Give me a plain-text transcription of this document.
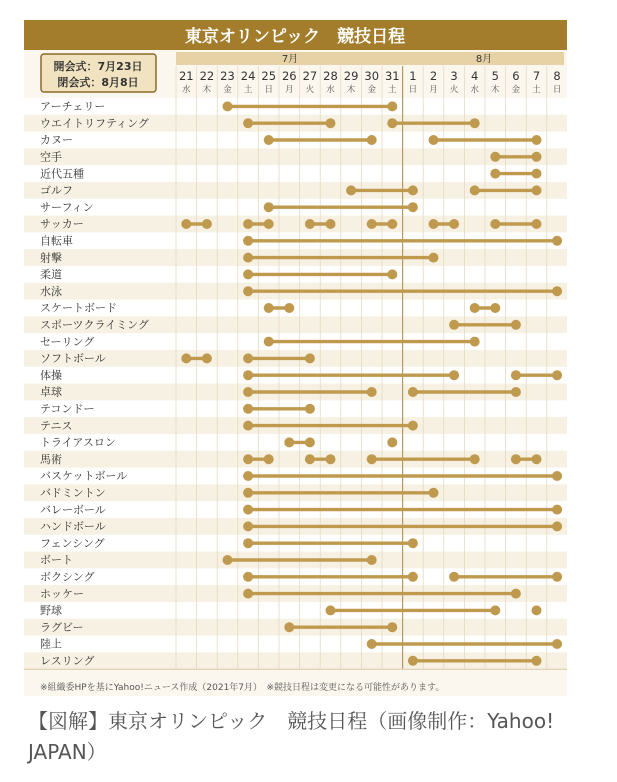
東京オリンピック　競技日程
開会式：7月23日
閉会式：8月8日
7月	8月
21
水
22
木
23
金
24
土
25
日
26
月
27
火
28
水
29
木
30
金
31
土
1
日
2
月
3
火
4
水
5
木
6
金
7
土
8
日
アーチェリー
ウエイトリフティング
カヌー
空手
近代五種
ゴルフ
サーフィン
サッカー
自転車
射撃
柔道
水泳
スケートボード
スポーツクライミング
セーリング
ソフトボール
体操
卓球
テコンドー
テニス
トライアスロン
馬術
バスケットボール
バドミントン
バレーボール
ハンドボール
フェンシング
ボート
ボクシング
ホッケー
野球
ラグビー
陸上
レスリング
※組織委HPを基にYahoo!ニュース作成（2021年7月）　※競技日程は変更になる可能性があります。
【図解】東京オリンピック　競技日程（画像制作：Yahoo! JAPAN）
